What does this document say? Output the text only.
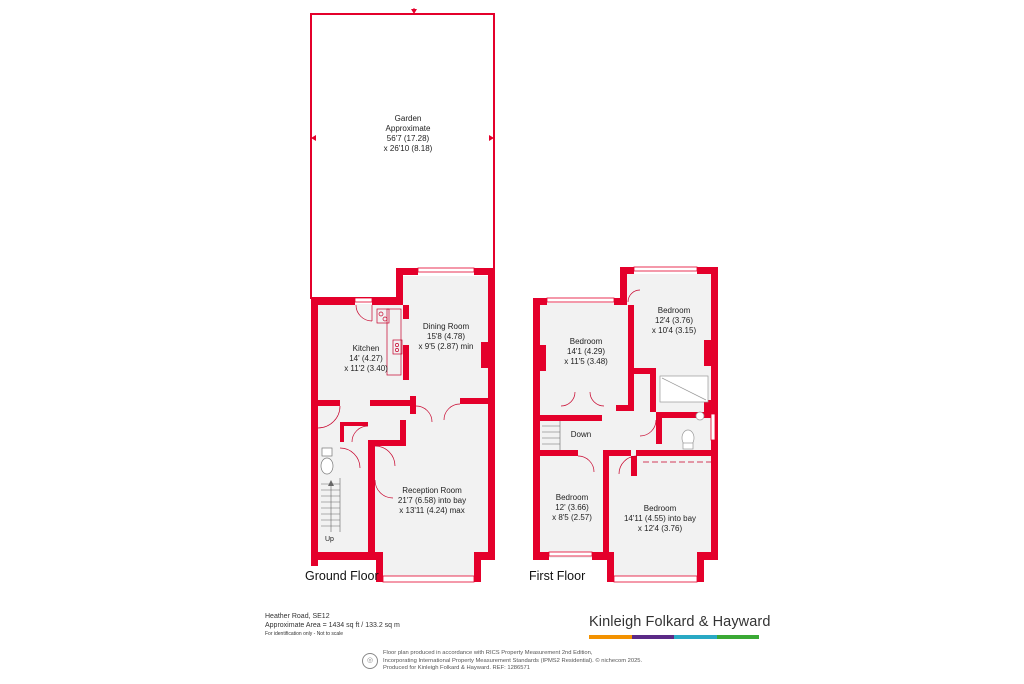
Kitchen
14' (4.27)
x 11'2 (3.40)
Dining Room
15'8 (4.78)
x 9'5 (2.87) min
Reception Room
21'7 (6.58) into bay
x 13'11 (4.24) max
Garden
Approximate
56'7 (17.28)
x 26'10 (8.18)
Up
Ground Floor
Bedroom
14'1 (4.29)
x 11'5 (3.48)
Bedroom
12'4 (3.76)
x 10'4 (3.15)
Bedroom
12' (3.66)
x 8'5 (2.57)
Bedroom
14'11 (4.55) into bay
x 12'4 (3.76)
Down
First Floor
Heather Road, SE12
Approximate Area = 1434 sq ft / 133.2 sq m
For identification only - Not to scale
Kinleigh Folkard & Hayward
◎
Floor plan produced in accordance with RICS Property Measurement 2nd Edition,
Incorporating International Property Measurement Standards (IPMS2 Residential). © nichecom 2025.
Produced for Kinleigh Folkard & Hayward. REF: 1286571
